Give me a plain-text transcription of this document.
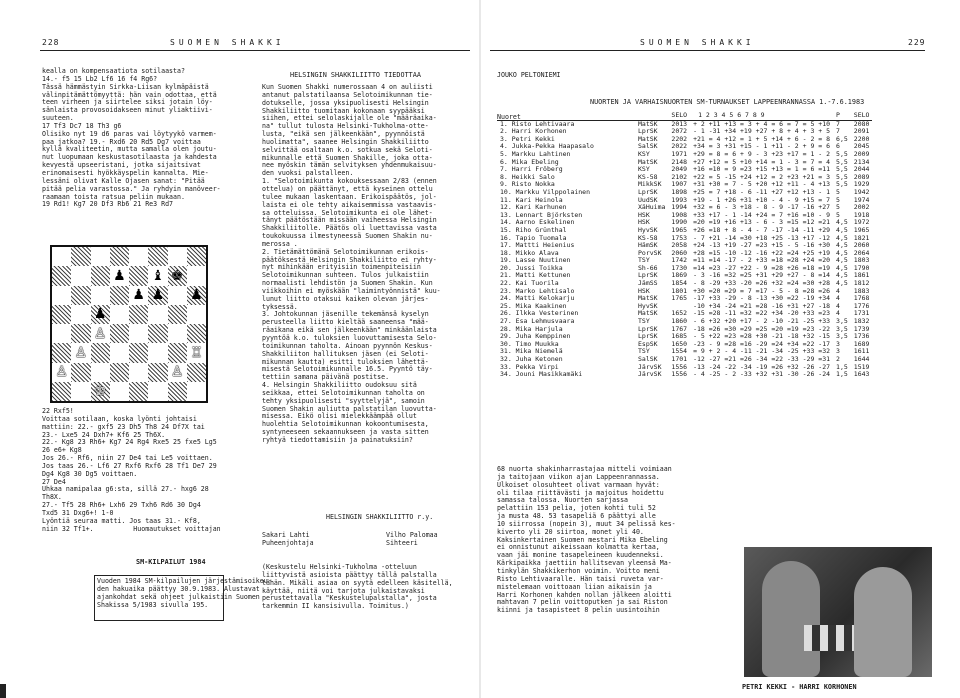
228	SUOMEN SHAKKI	SUOMEN SHAKKI	229
kealla on kompensaatiota sotilaasta?
14.- f5 15 Lb2 Lf6 16 f4 Rg6?
Tässä hämmästyin Sirkka-Liisan kylmäpäistä
välinpitämättömyyttä: hän vain odottaa, että
teen virheen ja siirtelee siksi jotain löy-
sänlaista provosoidakseen minut yliaktiivi-
suuteen.
17 Tf3 Dc7 18 Th3 g6
Olisiko nyt 19 d6 paras vai löytyykö varmem-
paa jatkoa? 19.- Rxd6 20 Rd5 Dg7 voittaa
kyllä kvaliteetin, mutta samalla olen joutu-
nut luopumaan keskustasotilaasta ja kahdesta
kevyestä upseeristani, jotka sijaitsivat
erinomaisesti hyökkäyspelin kannalta. Mie-
lessäni olivat Kalle Ojasen sanat: "Pitää
pitää pelia varastossa." Ja ryhdyin manöveer-
raamaan toista ratsua peliin mukaan.
19 Rd1! Kg7 20 Df3 Rb6 21 Re3 Rd7
♟ ♝ ♚
♟ ♟ ♟
♟
♙
♙	♖
♙	♙
♔
22 Rxf5!
Voittaa sotilaan, koska lyönti johtaisi
mattiin: 22.- gxf5 23 Dh5 Th8 24 Df7X tai
23.- Lxe5 24 Dxh7+ Kf6 25 Th6X.
22.- Kg8 23 Rh6+ Kg7 24 Rg4 Rxe5 25 fxe5 Lg5
26 e6+ Kg8
Jos 26.- Rf6, niin 27 De4 tai Le5 voittaen.
Jos taas 26.- Lf6 27 Rxf6 Rxf6 28 Tf1 De7 29
Dg4 Kg8 30 Dg5 voittaen.
27 De4
Uhkaa namipalaa g6:sta, sillä 27.- hxg6 28
Th8X.
27.- Tf5 28 Rh6+ Lxh6 29 Txh6 Rd6 30 Dg4
Txd5 31 Dxg6+! 1-0
Lyöntiä seuraa matti. Jos taas 31.- Kf8,
niin 32 Tf1+.          Huomautukset voittajan
SM-KILPAILUT 1984
Vuoden 1984 SM-kilpailujen järjestämisoikeu-
den hakuaika päättyy 30.9.1983. Alustavat
ajankohdat sekä ohjeet julkaistiin Suomen
Shakissa 5/1983 sivulla 195.
HELSINGIN SHAKKILIITTO TIEDOTTAA
Kun Suomen Shakki numerossaan 4 on auliisti
antanut palstatilaansa Selotoimikunnan tie-
dotukselle, jossa yksipuolisesti Helsingin
Shakkiliitto tuomitaan kokonaan syypääksi
siihen, ettei selolaskijalle ole "määräaika-
na" tullut tulosta Helsinki-Tukholma-otte-
lusta, "eikä sen jälkeenkään", pyynnöistä
huolimatta", saanee Helsingin Shakkiliitto
selvittää osaltaan k.o. sotkua sekä Seloti-
mikunnalle että Suomen Shakille, joka otta-
nee myöskin tämän selvityksen yhdenmukaisuu-
den vuoksi palstalleen.
1. "Selotoimikunta kokouksessaan 2/83 (ennen
ottelua) on päättänyt, että kyseinen ottelu
tulee mukaan laskentaan. Erikoispäätös, jol-
laista ei ole tehty aikaisemmissa vastaavis-
sa otteluissa. Selotoimikunta ei ole lähet-
tänyt päätöstään missään vaiheessa Helsingin
Shakkiliitolle. Päätös oli luettavissa vasta
toukokuussa ilmestyneessä Suomen Shakin nu-
merossa .
2. Tietämättömänä Selotoimikunnan erikois-
päätöksestä Helsingin Shakkiliitto ei ryhty-
nyt mihinkään erityisiin toimenpiteisiin
Selotoimikunnan suhteen. Tulos julkaistiin
normaalisti lehdistön ja Suomen Shakin. Kun
viikkoihin ei myöskään "laimintyönnistä" kuu-
lunut liitto otaksui kaiken olevan järjes-
tyksessä.
3. Johtokunnan jäsenille tekemänsä kyselyn
perusteella liitto kieltää saaneensa "mää-
räaikana eikä sen jälkeenkään" minkäänlaista
pyyntöä k.o. tuloksien luovuttamisesta Selo-
toimikunnan taholta. Ainoan pyynnön Keskus-
Shakkiliiton hallituksen jäsen (ei Seloti-
mikunnan kautta) esitti tuloksien lähettä-
misestä Selotoimikunnalle 16.5. Pyyntö täy-
tettiin samana päivänä postitse.
4. Helsingin Shakkiliitto oudoksuu sitä
seikkaa, ettei Selotoimikunnan taholta on
tehty yksipuolisesti "syyttelyjä", samoin
Suomen Shakin auliutta palstatilan luovutta-
misessa. Eikö olisi mielekkäämpää ollut
huolehtia Selotoimikunnan kokoontumisesta,
syntyneeseen sekaannukseen ja vasta sitten
ryhtyä tiedottamisiin ja painatuksiin?
HELSINGIN SHAKKILIITTO r.y.
Sakari Lahti
Puheenjohtaja
Vilho Palomaa
Sihteeri
(Keskustelu Helsinki-Tukholma -otteluun
liittyvistä asioista päättyy tällä palstalla
tähän. Mikäli asiaa on syytä edelleen käsitellä,
käyttää, niitä voi tarjota julkaistavaksi
perustettavalla "Keskustelupalstalla", josta
tarkemmin II kansisivulla. Toimitus.)
JOUKO PELTONIEMI
NUORTEN JA VARHAISNUORTEN SM-TURNAUKSET LAPPEENRANNASSA 1.-7.6.1983
Nuoret
			SELO	1 2 3 4 5 6 7 8 9	P	SELO
1. Risto Lehtivaara	MatSK	2013	+ 2 +11 +13 = 3 + 4 = 6 = 7 = 5 +10	7	2080
2. Harri Korhonen	LprSK	2072	- 1 -31 +34 +19 +27 + 8 + 4 + 3 + 5	7	2091
3. Petri Kekki	MatSK	2202	+21 = 4 +12 = 1 + 5 +14 + 6 - 2 = 8	6,5	2200
4. Jukka-Pekka Haapasalo	SalSK	2022	+34 = 3 +31 +15 - 1 +11 - 2 + 9 = 6	6	2045
5. Markku Lahtinen	KSY	1971	+29 = 8 = 6 + 9 - 3 +23 +17 = 1 - 2	5,5	2009
6. Mika Ebeling	MatSK	2148	+27 +12 = 5 +10 +14 = 1 - 3 = 7 = 4	5,5	2134
7. Harri Fröberg	KSY	2049	+16 =10 = 9 =23 +15 +13 = 1 = 6 =11	5,5	2044
8. Heikki Salo	KS-58	2102	+22 = 5 -15 +24 +12 = 2 +23 +21 = 3	5,5	2089
9. Risto Nokka	MikkSK	1907	+31 +30 = 7 - 5 +20 +12 +11 - 4 +13	5,5	1929
10. Markku Vilppolainen	LprSK	1898	+25 = 7 +18 - 6 -11 +27 +12 +13 - 1	5	1942
11. Kari Heinola	UudSK	1993	+19 - 1 +26 +31 +10 - 4 - 9 +15 = 7	5	1974
12. Kari Karhunen	XäHuima	1994	+32 = 6 - 3 +18 - 8 - 9 -17 -16 +27	5	2002
13. Lennart Björksten	HSK	1908	+33 +17 - 1 -14 +24 = 7 +16 =10 - 9	5	1918
14. Aarno Eskelinen	HSK	1990	=20 =19 +16 +13 - 6 - 3 =15 =12 =21	4,5	1972
15. Riho Grünthal	HyvSK	1965	+26 =18 + 8 - 4 - 7 -17 -14 -11 +29	4,5	1965
16. Tapio Tuomala	KS-58	1753	- 7 +21 -14 =30 +18 +25 -13 +17 -12	4,5	1821
17. Mattti Heienius	HämSK	2058	+24 -13 +19 -27 =23 +15 - 5 -16 +30	4,5	2060
18. Mikko Alava	PorvSK	2060	+28 =15 -10 -12 -16 +22 =24 +25 +19	4,5	2064
19. Lasse Nuutinen	TSY	1742	=11 =14 -17 - 2 +33 =18 =28 +24 =20	4,5	1803
20. Jussi Toikka	Sh-66	1730	=14 =23 -27 +22 - 9 =28 +26 =18 =19	4,5	1790
21. Matti Kettunen	LprSK	1869	- 3 -16 =32 =25 +31 +29 +27 - 8 =14	4,5	1861
22. Kai Tuorila	JämSS	1854	- 8 -29 +33 -20 =26 +32 =24 =30 +28	4,5	1812
23. Marko Lehtisalo	HSK	1801	+30 =20 =29 = 7 =17 - 5 - 8 =28 =26	4	1883
24. Matti Kelokarju	MatSK	1765	-17 +33 -29 - 8 -13 +30 =22 -19 +34	4	1768
25. Mika Kaakinen	HyvSK		-10 +34 -24 =21 =28 -16 +31 +27 -18	4	1776
26. Ilkka Vesterinen	MatSK	1652	-15 =28 -11 =32 =22 +34 -20 +33 =23	4	1731
27. Esa Lehmusvaara	TSY	1860	- 6 +32 +20 +17 - 2 -10 -21 -25 +33	3,5	1832
28. Mika Harjula	LprSK	1767	-18 =26 =30 =29 =25 =20 =19 =23 -22	3,5	1739
29. Juha Kemppinen	LprSK	1685	- 5 +22 =23 =28 +30 -21 -18 +32 -15	3,5	1736
30. Timo Muukka	EspSK	1650	-23 - 9 =28 =16 -29 =24 +34 =22 -17	3	1689
31. Mika Niemelä	TSY	1554	= 9 + 2 - 4 -11 -21 -34 -25 +33 =32	3	1611
32. Juha Ketonen	SalSK	1701	-12 -27 =21 =26 -34 =22 -33 -29 =31	2	1644
33. Pekka Virpi	JärvSK	1556	-13 -24 -22 -34 -19 =26 +32 -26 -27	1,5	1519
34. Jouni Masikkamäki	JärvSK	1556	- 4 -25 - 2 -33 +32 +31 -30 -26 -24	1,5	1643
68 nuorta shakinharrastajaa mitteli voimiaan
ja taitojaan viikon ajan Lappeenrannassa.
Ulkoiset olosuhteet olivat varmaan hyvät:
oli tilaa riittävästi ja majoitus hoidettu
samassa talossa. Nuorten sarjassa
pelattiin 153 pelia, joten kohti tuli 52
ja musta 48. 53 tasapeliä 6 päättyi alle
10 siirrossa (nopein 3), muut 34 pelissä kes-
kiverto yli 20 siirtoa, monet yli 40.
Kaksinkertainen Suomen mestari Mika Ebeling
ei onnistunut aikeissaan kolmatta kertaa,
vaan jäi monine tasapeleineen kuudenneksi.
Kärkipaikka jaettiin hallitsevan yleensä Ma-
tinkylän Shakkikerhon voimin. Voitto meni
Risto Lehtivaaralle. Hän taisi ruveta var-
mistelemaan voittoaan liian aikaisin ja
Harri Korhonen kahden nollan jälkeen aloitti
mahtavan 7 pelin voittoputken ja sai Riston
kiinni ja tasapisteet 8 pelin uusintoihin
PETRI KEKKI - HARRI KORHONEN
